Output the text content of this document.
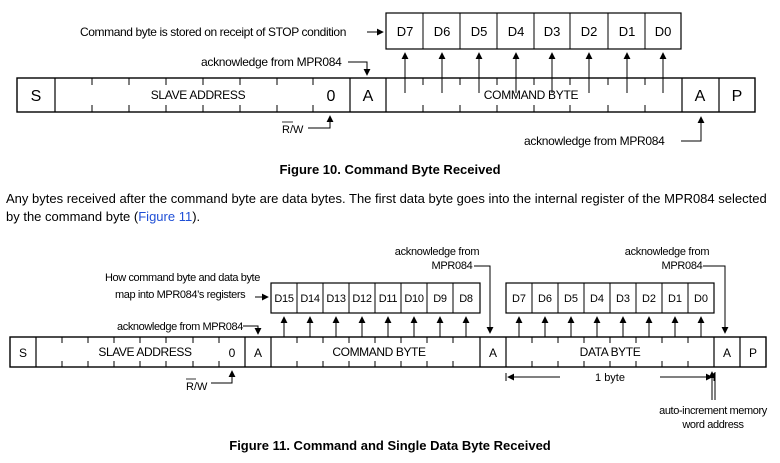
Command byte is stored on receipt of STOP condition	D7 D6 D5 D4 D3 D2 D1 D0
acknowledge from MPR084
S	SLAVE ADDRESS	0 A	COMMAND BYTE	A P
R/W
acknowledge from MPR084
Figure 10. Command Byte Received
acknowledge from
MPR084
acknowledge from
MPR084
How command byte and data byte
map into MPR084’s registers	D15 D14 D13 D12 D11 D10 D9 D8	D7 D6 D5 D4 D3 D2 D1 D0
acknowledge from MPR084
S	SLAVE ADDRESS	0 A	COMMAND BYTE	A	DATA BYTE	A P
R/W
1 byte
auto-increment memory
word address
Figure 11. Command and Single Data Byte Received
Any bytes received after the command byte are data bytes. The first data byte goes into the internal register of the MPR084 selected by the command byte (Figure 11).
